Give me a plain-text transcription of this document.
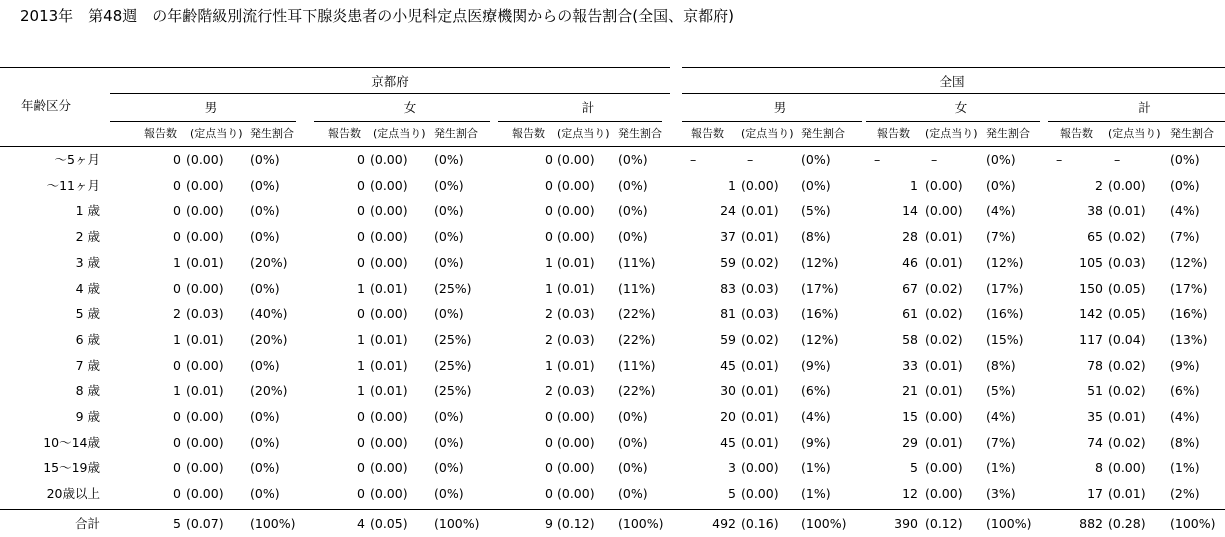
2013年　第48週　の年齢階級別流行性耳下腺炎患者の小児科定点医療機関からの報告割合(全国、京都府)
年齢区分
京都府
男	女	計
全国
男	女	計
報告数 (定点当り) 発生割合	報告数 (定点当り) 発生割合	報告数 (定点当り) 発生割合	報告数 (定点当り) 発生割合	報告数 (定点当り) 発生割合	報告数 (定点当り) 発生割合
～5ヶ月	0 (0.00) (0%)	0 (0.00) (0%)	0 (0.00) (0%)	–	–	(0%)	–	–	(0%)	–	–	(0%)
～11ヶ月	0 (0.00) (0%)	0 (0.00) (0%)	0 (0.00) (0%)	1 (0.00) (0%)	1 (0.00) (0%)	2 (0.00) (0%)
1 歳	0 (0.00) (0%)	0 (0.00) (0%)	0 (0.00) (0%)	24 (0.01) (5%)	14 (0.00) (4%)	38 (0.01) (4%)
2 歳	0 (0.00) (0%)	0 (0.00) (0%)	0 (0.00) (0%)	37 (0.01) (8%)	28 (0.01) (7%)	65 (0.02) (7%)
3 歳	1 (0.01) (20%)	0 (0.00) (0%)	1 (0.01) (11%)	59 (0.02) (12%)	46 (0.01) (12%)	105 (0.03) (12%)
4 歳	0 (0.00) (0%)	1 (0.01) (25%)	1 (0.01) (11%)	83 (0.03) (17%)	67 (0.02) (17%)	150 (0.05) (17%)
5 歳	2 (0.03) (40%)	0 (0.00) (0%)	2 (0.03) (22%)	81 (0.03) (16%)	61 (0.02) (16%)	142 (0.05) (16%)
6 歳	1 (0.01) (20%)	1 (0.01) (25%)	2 (0.03) (22%)	59 (0.02) (12%)	58 (0.02) (15%)	117 (0.04) (13%)
7 歳	0 (0.00) (0%)	1 (0.01) (25%)	1 (0.01) (11%)	45 (0.01) (9%)	33 (0.01) (8%)	78 (0.02) (9%)
8 歳	1 (0.01) (20%)	1 (0.01) (25%)	2 (0.03) (22%)	30 (0.01) (6%)	21 (0.01) (5%)	51 (0.02) (6%)
9 歳	0 (0.00) (0%)	0 (0.00) (0%)	0 (0.00) (0%)	20 (0.01) (4%)	15 (0.00) (4%)	35 (0.01) (4%)
10～14歳	0 (0.00) (0%)	0 (0.00) (0%)	0 (0.00) (0%)	45 (0.01) (9%)	29 (0.01) (7%)	74 (0.02) (8%)
15～19歳	0 (0.00) (0%)	0 (0.00) (0%)	0 (0.00) (0%)	3 (0.00) (1%)	5 (0.00) (1%)	8 (0.00) (1%)
20歳以上	0 (0.00) (0%)	0 (0.00) (0%)	0 (0.00) (0%)	5 (0.00) (1%)	12 (0.00) (3%)	17 (0.01) (2%)
合計	5 (0.07) (100%)	4 (0.05) (100%)	9 (0.12) (100%)	492 (0.16) (100%)	390 (0.12) (100%)	882 (0.28) (100%)
